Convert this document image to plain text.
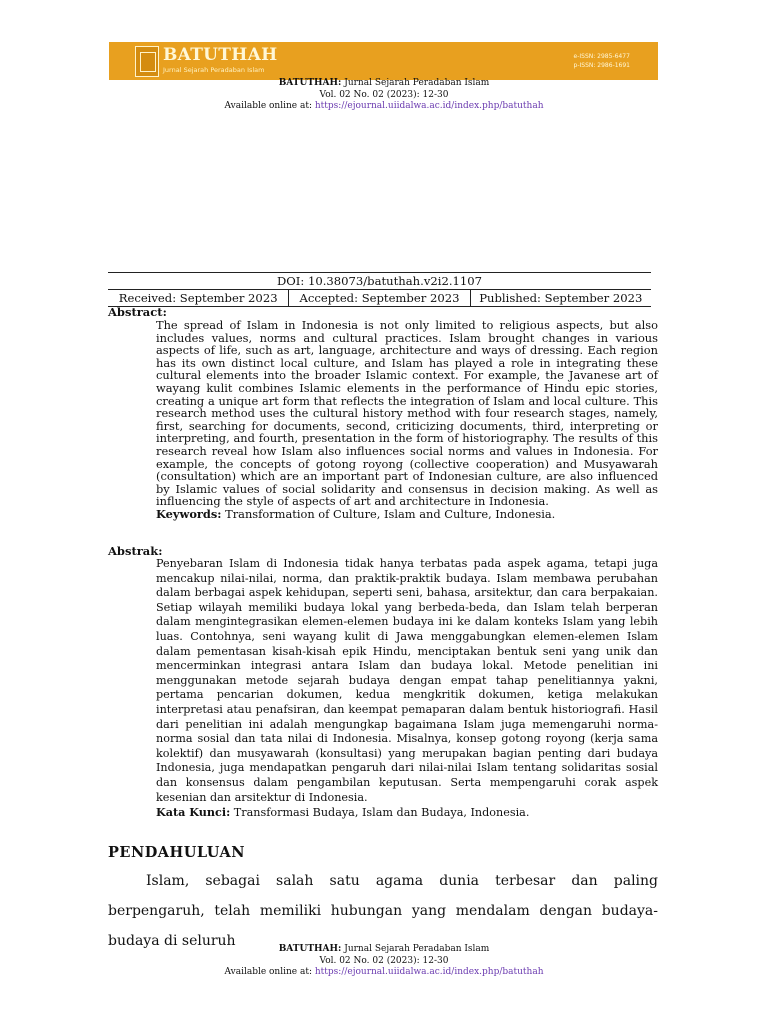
BATUTHAH
Jurnal Sejarah Peradaban Islam
e-ISSN: 2985-6477
p-ISSN: 2986-1691
BATUTHAH: Jurnal Sejarah Peradaban Islam
Vol. 02 No. 02 (2023): 12-30
Available online at: https://ejournal.uiidalwa.ac.id/index.php/batuthah
DOI: 10.38073/batuthah.v2i2.1107
Received: September 2023	Accepted: September 2023	Published: September 2023
Abstract:
The spread of Islam in Indonesia is not only limited to religious aspects, but also includes values, norms and cultural practices. Islam brought changes in various aspects of life, such as art, language, architecture and ways of dressing. Each region has its own distinct local culture, and Islam has played a role in integrating these cultural elements into the broader Islamic context. For example, the Javanese art of wayang kulit combines Islamic elements in the performance of Hindu epic stories, creating a unique art form that reflects the integration of Islam and local culture. This research method uses the cultural history method with four research stages, namely, first, searching for documents, second, criticizing documents, third, interpreting or interpreting, and fourth, presentation in the form of historiography. The results of this research reveal how Islam also influences social norms and values in Indonesia. For example, the concepts of gotong royong (collective cooperation) and Musyawarah (consultation) which are an important part of Indonesian culture, are also influenced by Islamic values of social solidarity and consensus in decision making. As well as influencing the style of aspects of art and architecture in Indonesia.

Keywords: Transformation of Culture, Islam and Culture, Indonesia.

Abstrak:
Penyebaran Islam di Indonesia tidak hanya terbatas pada aspek agama, tetapi juga mencakup nilai-nilai, norma, dan praktik-praktik budaya. Islam membawa perubahan dalam berbagai aspek kehidupan, seperti seni, bahasa, arsitektur, dan cara berpakaian. Setiap wilayah memiliki budaya lokal yang berbeda-beda, dan Islam telah berperan dalam mengintegrasikan elemen-elemen budaya ini ke dalam konteks Islam yang lebih luas. Contohnya, seni wayang kulit di Jawa menggabungkan elemen-elemen Islam dalam pementasan kisah-kisah epik Hindu, menciptakan bentuk seni yang unik dan mencerminkan integrasi antara Islam dan budaya lokal. Metode penelitian ini menggunakan metode sejarah budaya dengan empat tahap penelitiannya yakni, pertama pencarian dokumen, kedua mengkritik dokumen, ketiga melakukan interpretasi atau penafsiran, dan keempat pemaparan dalam bentuk historiografi. Hasil dari penelitian ini adalah mengungkap bagaimana Islam juga memengaruhi norma-norma sosial dan tata nilai di Indonesia. Misalnya, konsep gotong royong (kerja sama kolektif) dan musyawarah (konsultasi) yang merupakan bagian penting dari budaya Indonesia, juga mendapatkan pengaruh dari nilai-nilai Islam tentang solidaritas sosial dan konsensus dalam pengambilan keputusan. Serta mempengaruhi corak aspek kesenian dan arsitektur di Indonesia.

Kata Kunci: Transformasi Budaya, Islam dan Budaya, Indonesia.

PENDAHULUAN

Islam, sebagai salah satu agama dunia terbesar dan paling berpengaruh, telah memiliki hubungan yang mendalam dengan budaya-budaya di seluruh	BATUTHAH: Jurnal Sejarah Peradaban Islam
Vol. 02 No. 02 (2023): 12-30
Available online at: https://ejournal.uiidalwa.ac.id/index.php/batuthah
